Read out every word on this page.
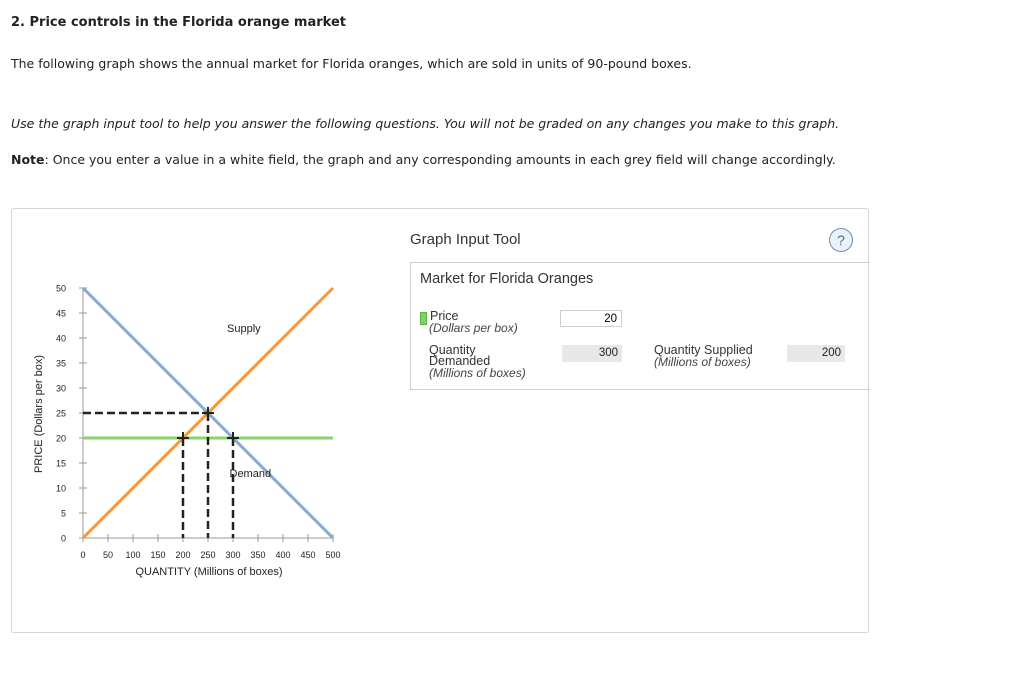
2. Price controls in the Florida orange market
The following graph shows the annual market for Florida oranges, which are sold in units of 90-pound boxes.
Use the graph input tool to help you answer the following questions. You will not be graded on any changes you make to this graph.
Note: Once you enter a value in a white field, the graph and any corresponding amounts in each grey field will change accordingly.
0
5
10
15
20
25
30
35
40
45
50
0 50 100 150 200 250 300 350 400 450 500
Supply
Demand
PRICE (Dollars per box)
QUANTITY (Millions of boxes)
Graph Input Tool	?
Market for Florida Oranges
Price
(Dollars per box)
20
Quantity
Demanded
(Millions of boxes)
300	Quantity Supplied
(Millions of boxes)
200
